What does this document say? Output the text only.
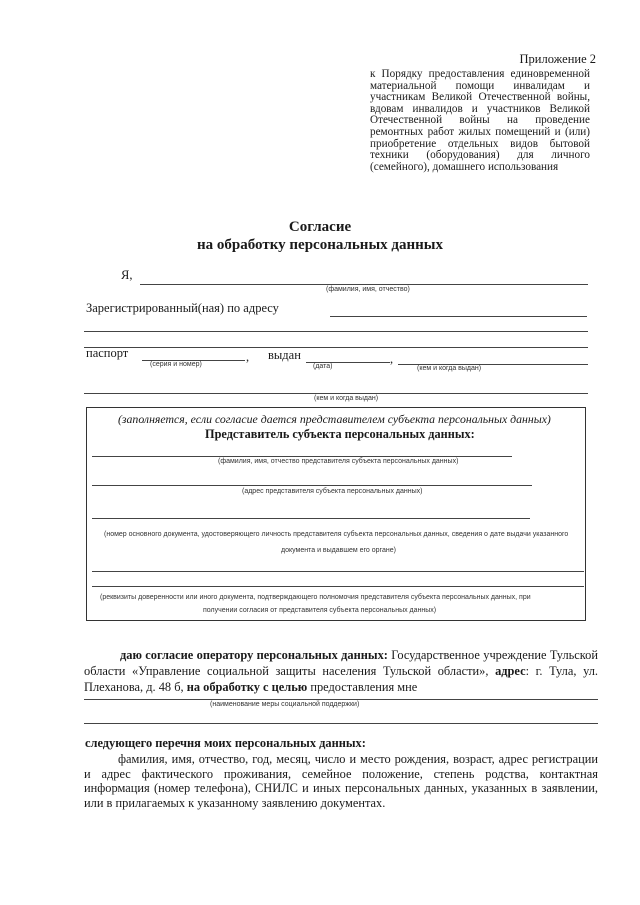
Приложение 2
к Порядку предоставления единовременной материальной помощи инвалидам и участникам Великой Отечественной войны, вдовам инвалидов и участников Великой Отечественной войны на проведение ремонтных работ жилых помещений и (или) приобретение отдельных видов бытовой техники (оборудования) для личного (семейного), домашнего использования
Согласие
на обработку персональных данных
Я,
(фамилия, имя, отчество)
Зарегистрированный(ная) по адресу
паспорт	,
(серия и номер)
выдан	,
(дата)	(кем и когда выдан)
(кем и когда выдан)
(заполняется, если согласие дается представителем субъекта персональных данных)
Представитель субъекта персональных данных:
(фамилия, имя, отчество представителя субъекта персональных данных)
(адрес представителя субъекта персональных данных)
(номер основного документа, удостоверяющего личность представителя субъекта персональных данных, сведения о дате выдачи указанного
документа и выдавшем его органе)
(реквизиты доверенности или иного документа, подтверждающего полномочия представителя субъекта персональных данных, при
получении согласия от представителя субъекта персональных данных)
даю согласие оператору персональных данных: Государственное учреждение Тульской области «Управление социальной защиты населения Тульской области», адрес: г. Тула, ул. Плеханова, д. 48 б, на обработку с целью предоставления мне
(наименование меры социальной поддержки)
следующего перечня моих персональных данных:
фамилия, имя, отчество, год, месяц, число и место рождения, возраст, адрес регистрации и адрес фактического проживания, семейное положение, степень родства, контактная информация (номер телефона), СНИЛС и иных персональных данных, указанных в заявлении, или в прилагаемых к указанному заявлению документах.
